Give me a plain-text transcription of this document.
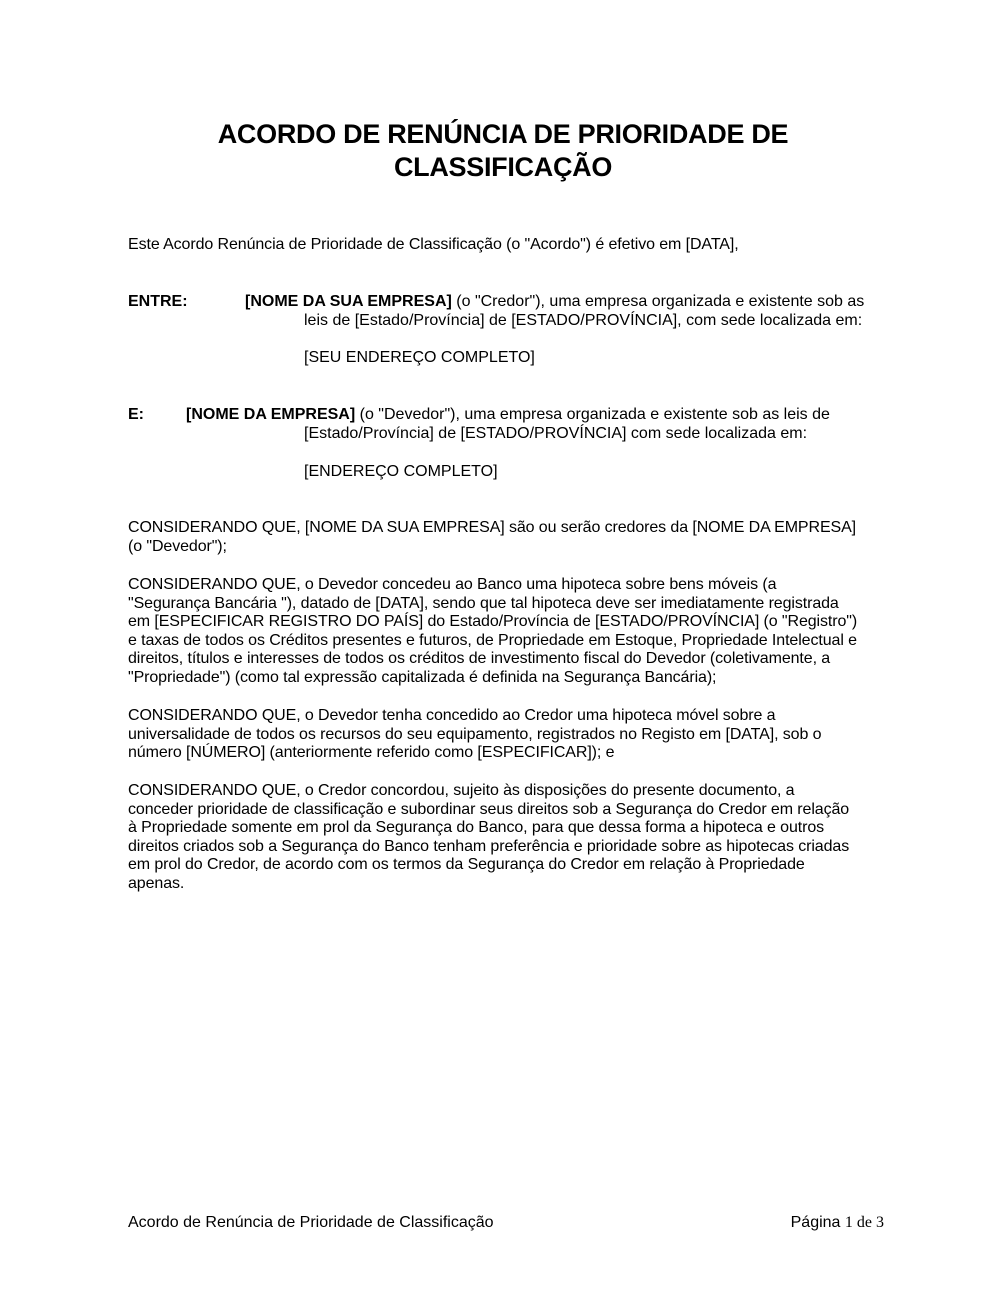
ACORDO DE RENÚNCIA DE PRIORIDADE DE
CLASSIFICAÇÃO
Este Acordo Renúncia de Prioridade de Classificação (o "Acordo") é efetivo em [DATA],
ENTRE:	[NOME DA SUA EMPRESA] (o "Credor"), uma empresa organizada e existente sob as
leis de [Estado/Província] de [ESTADO/PROVÍNCIA], com sede localizada em:
[SEU ENDEREÇO COMPLETO]
E:	[NOME DA EMPRESA] (o "Devedor"), uma empresa organizada e existente sob as leis de
[Estado/Província] de [ESTADO/PROVÍNCIA] com sede localizada em:
[ENDEREÇO COMPLETO]
CONSIDERANDO QUE, [NOME DA SUA EMPRESA] são ou serão credores da [NOME DA EMPRESA]
(o "Devedor");
CONSIDERANDO QUE, o Devedor concedeu ao Banco uma hipoteca sobre bens móveis (a
"Segurança Bancária "), datado de [DATA], sendo que tal hipoteca deve ser imediatamente registrada
em [ESPECIFICAR REGISTRO DO PAÍS] do Estado/Província de [ESTADO/PROVÍNCIA] (o "Registro")
e taxas de todos os Créditos presentes e futuros, de Propriedade em Estoque, Propriedade Intelectual e
direitos, títulos e interesses de todos os créditos de investimento fiscal do Devedor (coletivamente, a
"Propriedade") (como tal expressão capitalizada é definida na Segurança Bancária);
CONSIDERANDO QUE, o Devedor tenha concedido ao Credor uma hipoteca móvel sobre a
universalidade de todos os recursos do seu equipamento, registrados no Registo em [DATA], sob o
número [NÚMERO] (anteriormente referido como [ESPECIFICAR]); e
CONSIDERANDO QUE, o Credor concordou, sujeito às disposições do presente documento, a
conceder prioridade de classificação e subordinar seus direitos sob a Segurança do Credor em relação
à Propriedade somente em prol da Segurança do Banco, para que dessa forma a hipoteca e outros
direitos criados sob a Segurança do Banco tenham preferência e prioridade sobre as hipotecas criadas
em prol do Credor, de acordo com os termos da Segurança do Credor em relação à Propriedade
apenas.
Acordo de Renúncia de Prioridade de Classificação	Página 1 de 3
